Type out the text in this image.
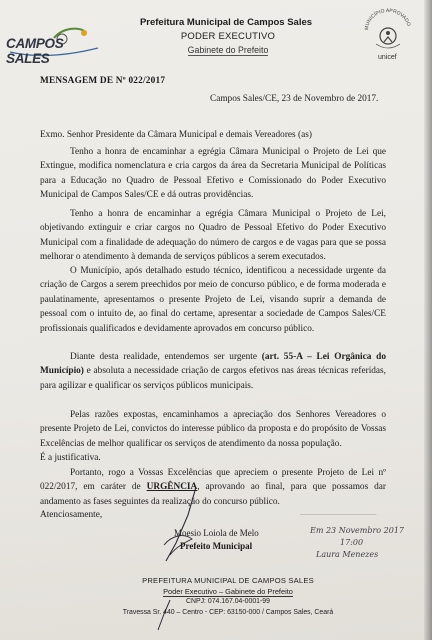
CAMPOS SALES
Prefeitura Municipal de Campos Sales
PODER EXECUTIVO
Gabinete do Prefeito
MUNICÍPIO APROVADO
unicef
MENSAGEM DE Nº 022/2017
Campos Sales/CE, 23 de Novembro de 2017.
Exmo. Senhor Presidente da Câmara Municipal e demais Vereadores (as)
Tenho a honra de encaminhar a egrégia Câmara Municipal o Projeto de Lei que Extingue, modifica nomenclatura e cria cargos da área da Secretaria Municipal de Políticas para a Educação no Quadro de Pessoal Efetivo e Comissionado do Poder Executivo Municipal de Campos Sales/CE e dá outras providências.
Tenho a honra de encaminhar a egrégia Câmara Municipal o Projeto de Lei, objetivando extinguir e criar cargos no Quadro de Pessoal Efetivo do Poder Executivo Municipal com a finalidade de adequação do número de cargos e de vagas para que se possa melhorar o atendimento à demanda de serviços públicos a serem executados.
O Município, após detalhado estudo técnico, identificou a necessidade urgente da criação de Cargos a serem preechidos por meio de concurso público, e de forma moderada e paulatinamente, apresentamos o presente Projeto de Lei, visando suprir a demanda de pessoal com o intuito de, ao final do certame, apresentar a sociedade de Campos Sales/CE profissionais qualificados e devidamente aprovados em concurso público.
Diante desta realidade, entendemos ser urgente (art. 55-A – Lei Orgânica do Município) e absoluta a necessidade criação de cargos efetivos nas áreas técnicas referidas, para agilizar e qualificar os serviços públicos municipais.
Pelas razões expostas, encaminhamos a apreciação dos Senhores Vereadores o presente Projeto de Lei, convictos do interesse público da proposta e do propósito de Vossas Excelências de melhor qualificar os serviços de atendimento da nossa população.
É a justificativa.
Portanto, rogo a Vossas Excelências que apreciem o presente Projeto de Lei nº 022/2017, em caráter de URGÊNCIA, aprovando ao final, para que possamos dar andamento as fases seguintes da realização do concurso público.
Atenciosamente,
Moesio Loiola de Melo
Prefeito Municipal
_________________________
Em 23 Novembro 2017
17:00
Laura Menezes
PREFEITURA MUNICIPAL DE CAMPOS SALES
Poder Executivo – Gabinete do Prefeito
CNPJ: 074.167.04-0001-99
Travessa Sr. 440 – Centro - CEP: 63150-000 / Campos Sales, Ceará
